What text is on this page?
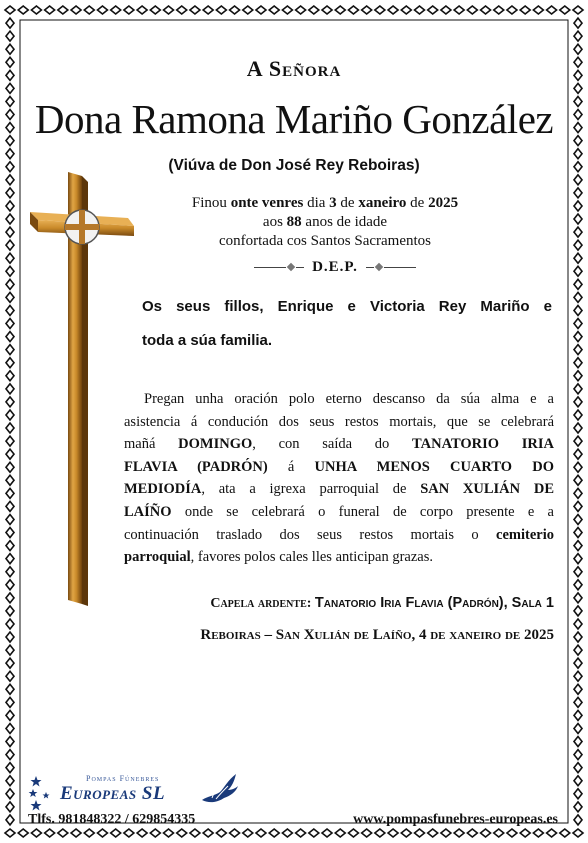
A Señora
Dona Ramona Mariño González
(Viúva de Don José Rey Reboiras)
Finou onte venres dia 3 de xaneiro de 2025
aos 88 anos de idade
confortada cos Santos Sacramentos
D.E.P.
Os seus fillos, Enrique e Victoria Rey Mariño e
toda a súa familia.
Pregan unha oración polo eterno descanso da súa alma e a
asistencia á condución dos seus restos mortais, que se celebrará
mañá DOMINGO, con saída do TANATORIO IRIA
FLAVIA (PADRÓN) á UNHA MENOS CUARTO DO
MEDIODÍA, ata a igrexa parroquial de SAN XULIÁN DE
LAÍÑO onde se celebrará o funeral de corpo presente e a
continuación traslado dos seus restos mortais o cemiterio
parroquial, favores polos cales lles anticipan grazas.
Capela ardente: Tanatorio Iria Flavia (Padrón), Sala 1
Reboiras – San Xulián de Laíño, 4 de xaneiro de 2025
Pompas Fúnebres
Europeas SL
Tlfs. 981848322 / 629854335	www.pompasfunebres-europeas.es
